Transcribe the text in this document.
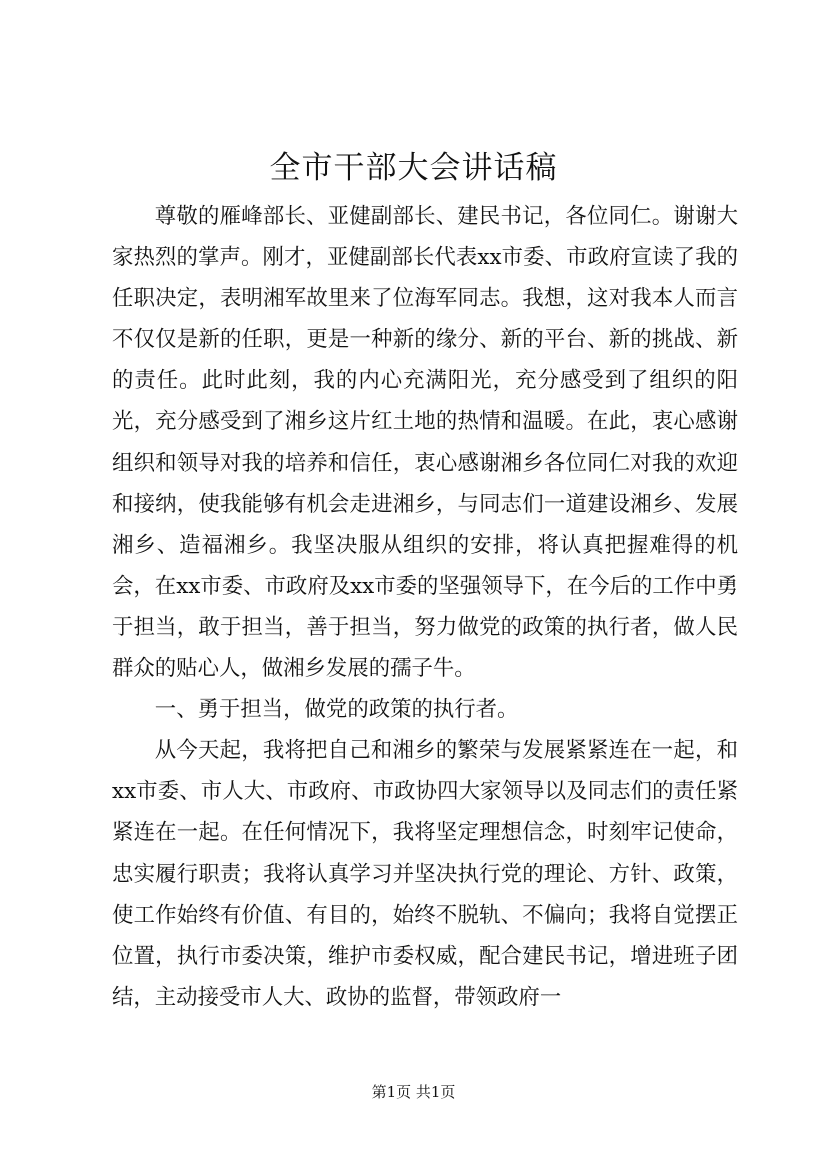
全市干部大会讲话稿

尊敬的雁峰部长、亚健副部长、建民书记，各位同仁。谢谢大家热烈的掌声。刚才，亚健副部长代表xx市委、市政府宣读了我的任职决定，表明湘军故里来了位海军同志。我想，这对我本人而言不仅仅是新的任职，更是一种新的缘分、新的平台、新的挑战、新的责任。此时此刻，我的内心充满阳光，充分感受到了组织的阳光，充分感受到了湘乡这片红土地的热情和温暖。在此，衷心感谢组织和领导对我的培养和信任，衷心感谢湘乡各位同仁对我的欢迎和接纳，使我能够有机会走进湘乡，与同志们一道建设湘乡、发展湘乡、造福湘乡。我坚决服从组织的安排，将认真把握难得的机会，在xx市委、市政府及xx市委的坚强领导下，在今后的工作中勇于担当，敢于担当，善于担当，努力做党的政策的执行者，做人民群众的贴心人，做湘乡发展的孺子牛。

一、勇于担当，做党的政策的执行者。

从今天起，我将把自己和湘乡的繁荣与发展紧紧连在一起，和xx市委、市人大、市政府、市政协四大家领导以及同志们的责任紧紧连在一起。在任何情况下，我将坚定理想信念，时刻牢记使命，忠实履行职责；我将认真学习并坚决执行党的理论、方针、政策，使工作始终有价值、有目的，始终不脱轨、不偏向；我将自觉摆正位置，执行市委决策，维护市委权威，配合建民书记，增进班子团结，主动接受市人大、政协的监督，带领政府一

第1页 共1页
